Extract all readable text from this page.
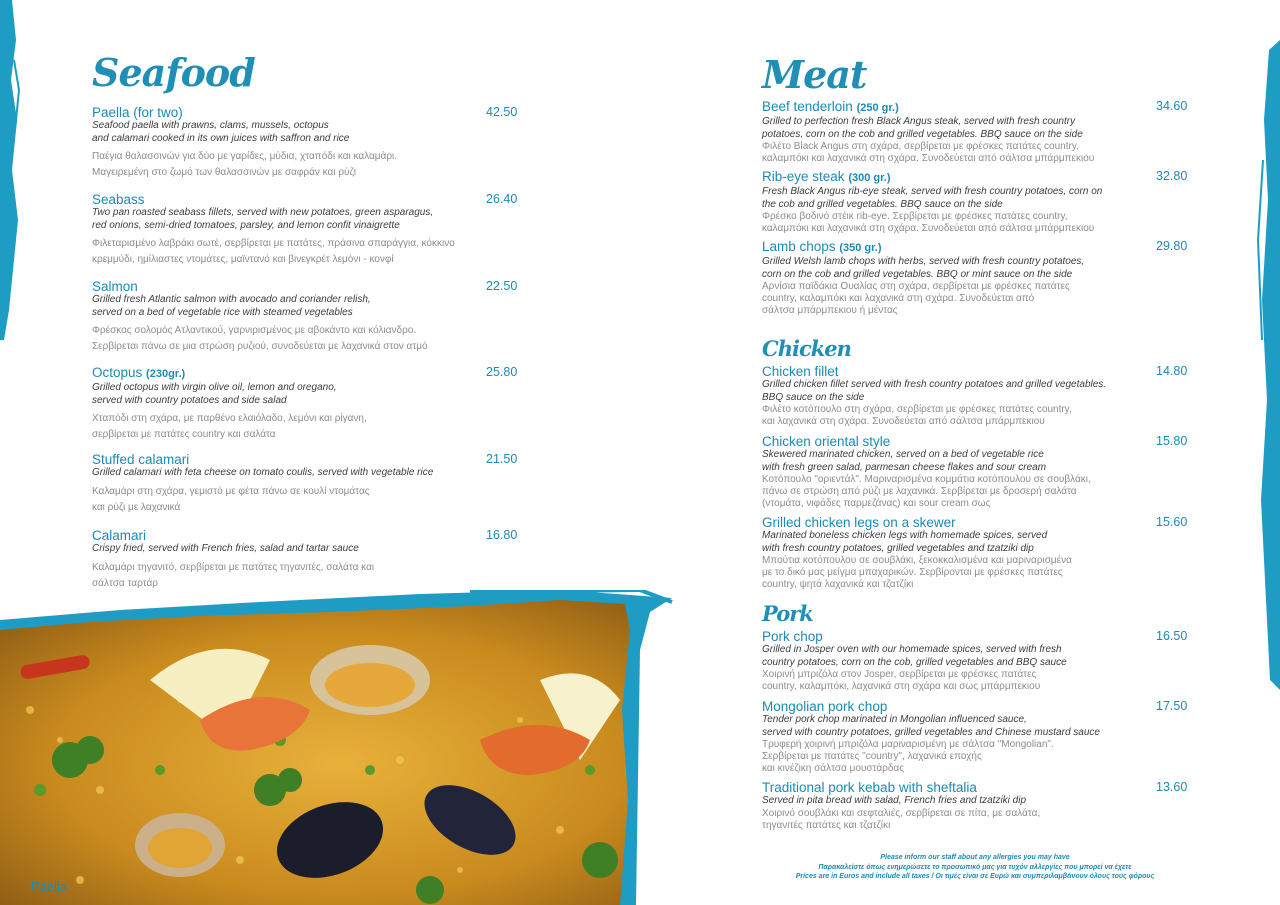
Seafood	Meat
Chicken
Pork
Paella (for two)
Seafood paella with prawns, clams, mussels, octopus
and calamari cooked in its own juices with saffron and rice
Παέγια θαλασσινών για δύο με γαρίδες, μύδια, χταπόδι και καλαμάρι.
Μαγειρεμένη στο ζωμό των θαλασσινών με σαφράν και ρύζι
42.50
Seabass
Two pan roasted seabass fillets, served with new potatoes, green asparagus,
red onions, semi-dried tomatoes, parsley, and lemon confit vinaigrette
Φιλεταρισμένο λαβράκι σωτέ, σερβίρεται με πατάτες, πράσινα σπαράγγια, κόκκινο
κρεμμύδι, ημίλιαστες ντομάτες, μαϊντανό και βινεγκρέτ λεμόνι - κονφί
26.40
Salmon
Grilled fresh Atlantic salmon with avocado and coriander relish,
served on a bed of vegetable rice with steamed vegetables
Φρέσκος σολομός Ατλαντικού, γαρνιρισμένος με αβοκάντο και κόλιανδρο.
Σερβίρεται πάνω σε μια στρώση ρυζιού, συνοδεύεται με λαχανικά στον ατμό
22.50
Octopus (230gr.)
Grilled octopus with virgin olive oil, lemon and oregano,
served with country potatoes and side salad
Χταπόδι στη σχάρα, με παρθένο ελαιόλαδο, λεμόνι και ρίγανη,
σερβίρεται με πατάτες country και σαλάτα
25.80
Stuffed calamari
Grilled calamari with feta cheese on tomato coulis, served with vegetable rice
Καλαμάρι στη σχάρα, γεμιστό με φέτα πάνω σε κουλί ντομάτας
και ρύζι με λαχανικά
21.50
Calamari
Crispy fried, served with French fries, salad and tartar sauce
Καλαμάρι τηγανιτό, σερβίρεται με πατάτες τηγανιτές, σαλάτα και
σάλτσα ταρτάρ
16.80
Beef tenderloin (250 gr.)
Grilled to perfection fresh Black Angus steak, served with fresh country
potatoes, corn on the cob and grilled vegetables. BBQ sauce on the side
Φιλέτο Black Angus στη σχάρα, σερβίρεται με φρέσκες πατάτες country,
καλαμπόκι και λαχανικά στη σχάρα. Συνοδεύεται από σάλτσα μπάρμπεκιου
34.60
Rib-eye steak (300 gr.)
Fresh Black Angus rib-eye steak, served with fresh country potatoes, corn on
the cob and grilled vegetables. BBQ sauce on the side
Φρέσκο βοδινό στέικ rib-eye. Σερβίρεται με φρέσκες πατάτες country,
καλαμπόκι και λαχανικά στη σχάρα. Συνοδεύεται από σάλτσα μπάρμπεκιου
32.80
Lamb chops (350 gr.)
Grilled Welsh lamb chops with herbs, served with fresh country potatoes,
corn on the cob and grilled vegetables. BBQ or mint sauce on the side
Αρνίσια παϊδάκια Ουαλίας στη σχάρα, σερβίρεται με φρέσκες πατάτες
country, καλαμπόκι και λαχανικά στη σχάρα. Συνοδεύεται από
σάλτσα μπάρμπεκιου ή μέντας
29.80
Chicken fillet
Grilled chicken fillet served with fresh country potatoes and grilled vegetables.
BBQ sauce on the side
Φιλέτο κοτόπουλο στη σχάρα, σερβίρεται με φρέσκες πατάτες country,
και λαχανικά στη σχάρα. Συνοδεύεται από σάλτσα μπάρμπεκιου
14.80
Chicken oriental style
Skewered marinated chicken, served on a bed of vegetable rice
with fresh green salad, parmesan cheese flakes and sour cream
Κοτόπουλο "οριεντάλ". Μαριναρισμένα κομμάτια κοτόπουλου σε σουβλάκι,
πάνω σε στρώση από ρύζι με λαχανικά. Σερβίρεται με δροσερή σαλάτα
(ντομάτα, νιφάδες παρμεζάνας) και sour cream σως
15.80
Grilled chicken legs on a skewer
Marinated boneless chicken legs with homemade spices, served
with fresh country potatoes, grilled vegetables and tzatziki dip
Μπούτια κοτόπουλου σε σουβλάκι, ξεκοκκαλισμένα και μαριναρισμένα
με το δικό μας μείγμα μπαχαρικών. Σερβίρονται με φρέσκες πατάτες
country, ψητά λαχανικά και τζατζίκι
15.60
Pork chop
Grilled in Josper oven with our homemade spices, served with fresh
country potatoes, corn on the cob, grilled vegetables and BBQ sauce
Χοιρινή μπριζόλα στον Josper, σερβίρεται με φρέσκες πατάτες
country, καλαμπόκι, λαχανικά στη σχάρα και σως μπάρμπεκιου
16.50
Mongolian pork chop
Tender pork chop marinated in Mongolian influenced sauce,
served with country potatoes, grilled vegetables and Chinese mustard sauce
Τρυφερή χοιρινή μπριζόλα μαριναρισμένη με σάλτσα "Mongolian".
Σερβίρεται με πατάτες "country", λαχανικά εποχής
και κινέζικη σάλτσα μουστάρδας
17.50
Traditional pork kebab with sheftalia
Served in pita bread with salad, French fries and tzatziki dip
Χοιρινό σουβλάκι και σεφταλιές, σερβίρεται σε πίτα, με σαλάτα,
τηγανιτές πατάτες και τζατζίκι
13.60
Paella
Please inform our staff about any allergies you may have
Παρακαλείστε όπως ενημερώσετε το προσωπικό μας για τυχόν αλλεργίες που μπορεί να έχετε
Prices are in Euros and include all taxes / Οι τιμές είναι σε Ευρώ και συμπεριλαμβάνουν όλους τους φόρους
